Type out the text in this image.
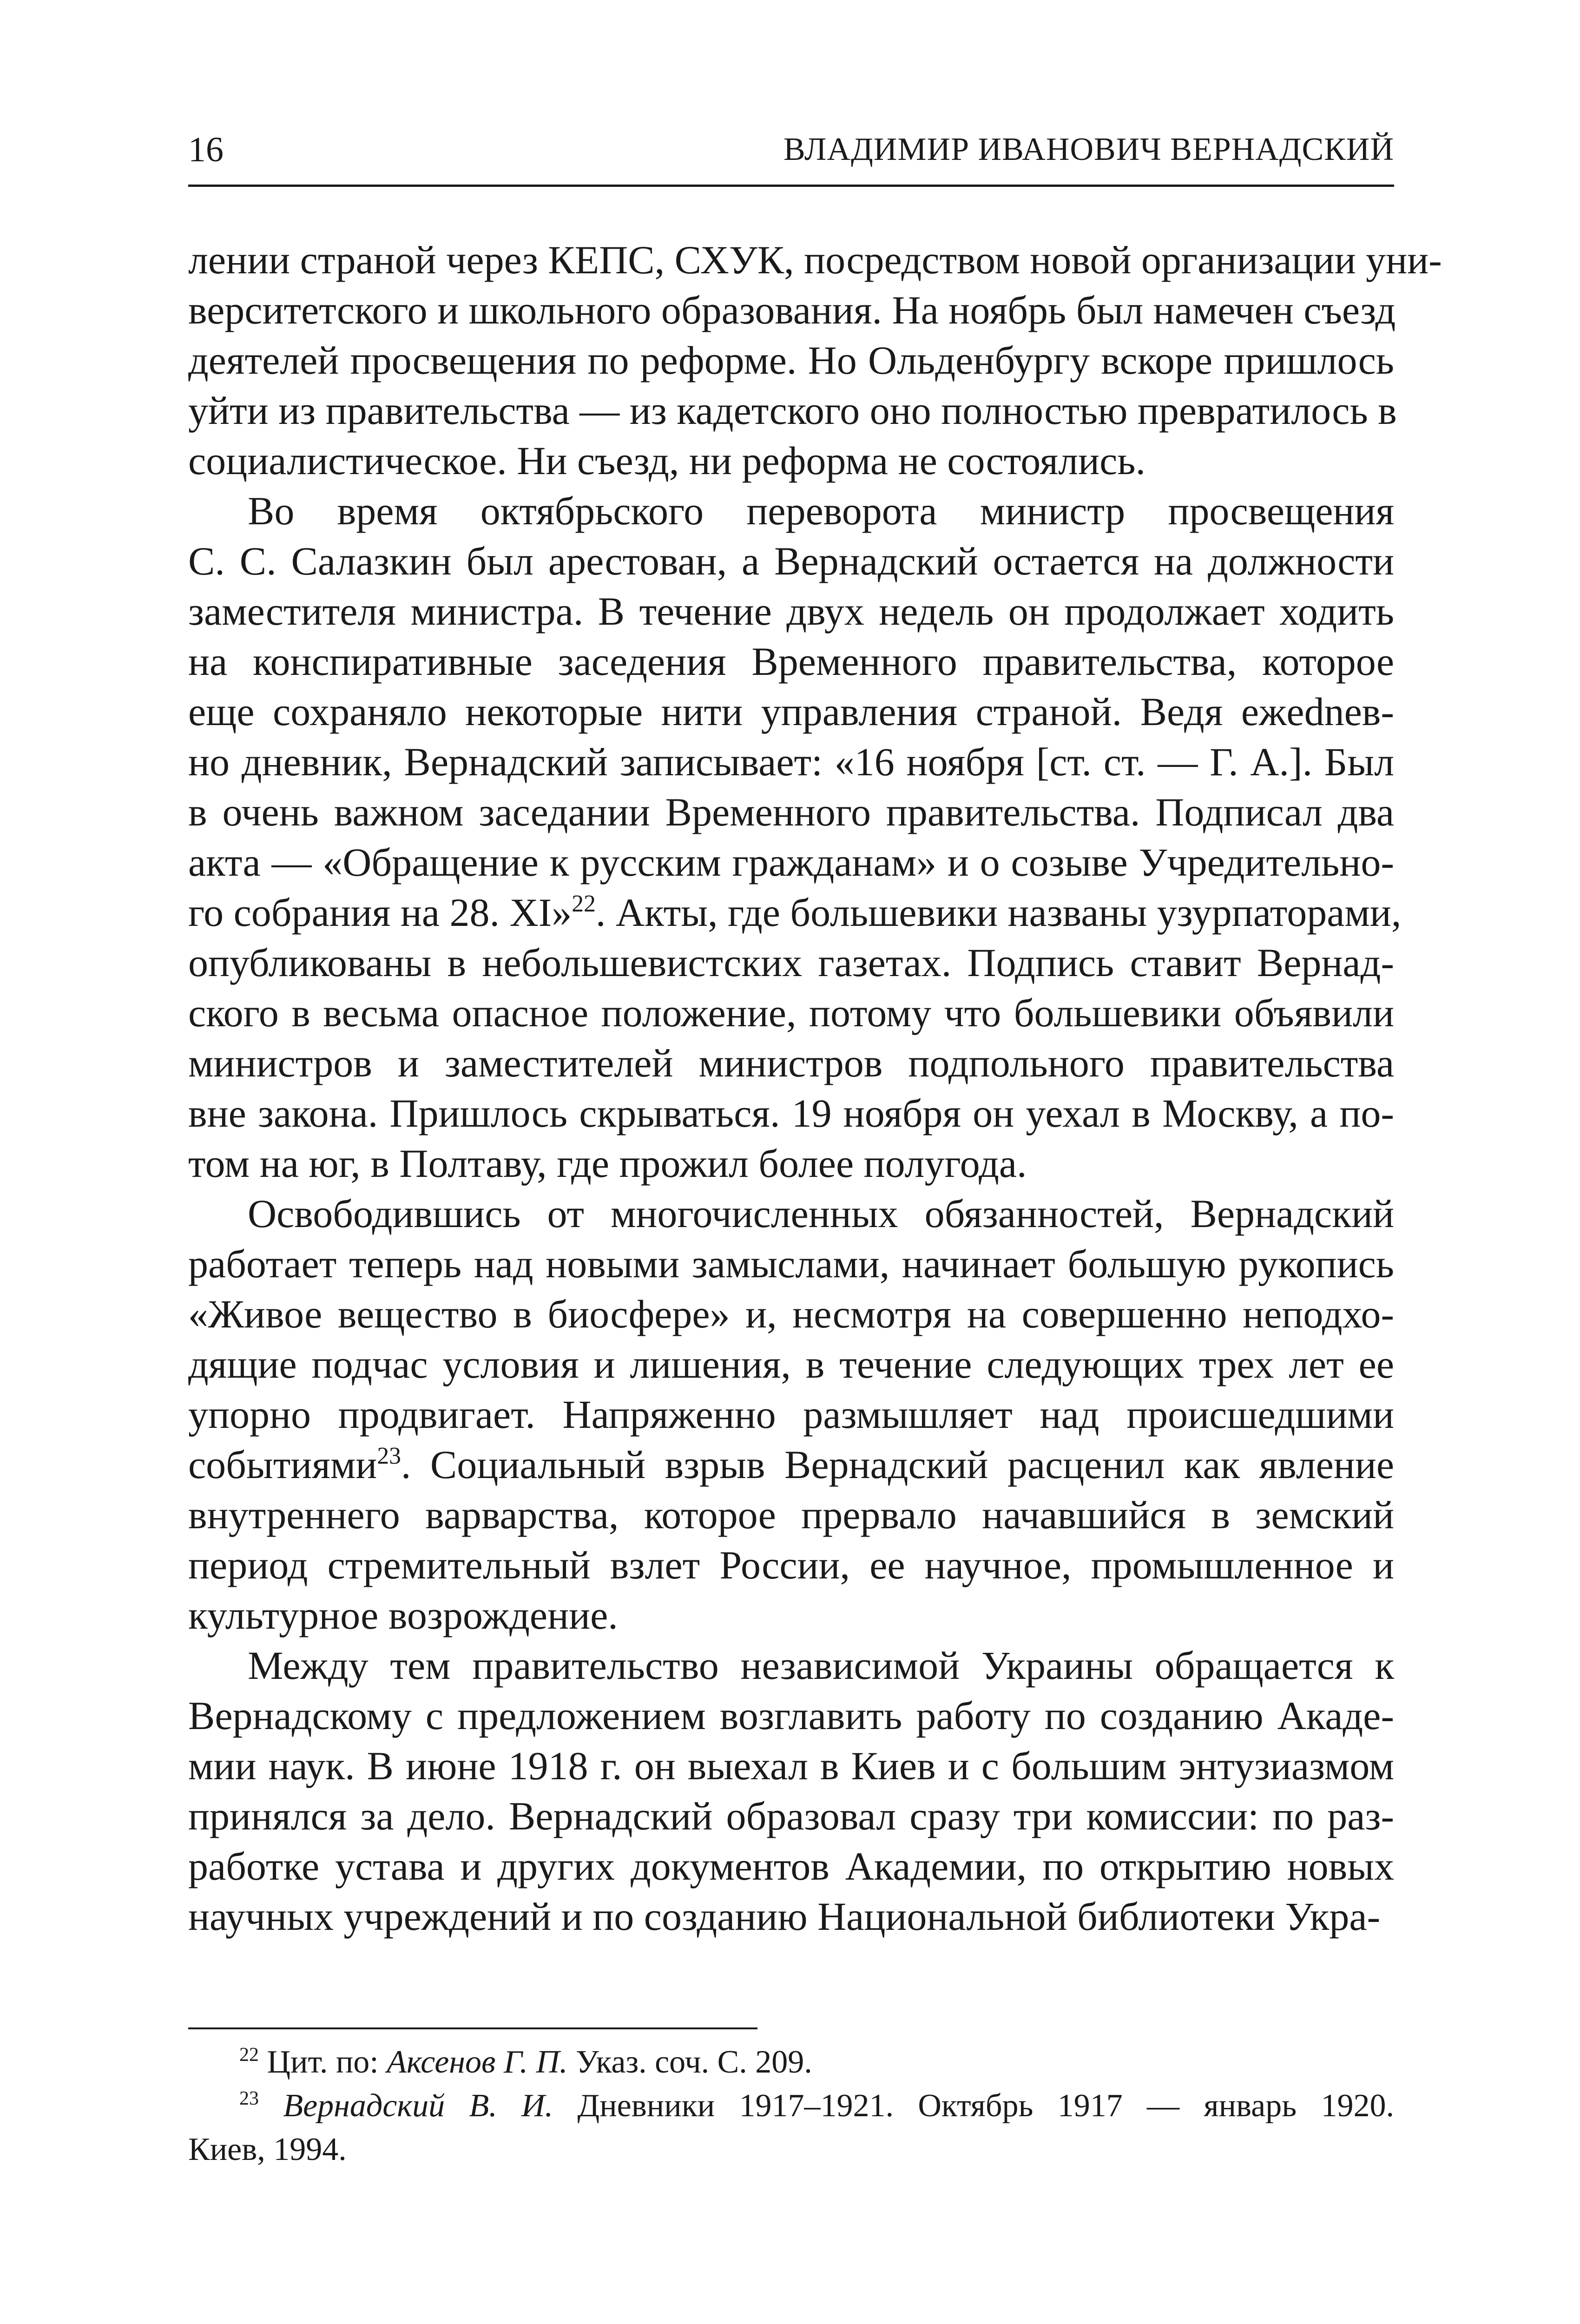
16	ВЛАДИМИР ИВАНОВИЧ ВЕРНАДСКИЙ
лении страной через КЕПС, СХУК, посредством новой организации уни-
верситетского и школьного образования. На ноябрь был намечен съезд
деятелей просвещения по реформе. Но Ольденбургу вскоре пришлось
уйти из правительства — из кадетского оно полностью превратилось в
социалистическое. Ни съезд, ни реформа не состоялись.
Во время октябрьского переворота министр просвещения
С. С. Салазкин был арестован, а Вернадский остается на должности
заместителя министра. В течение двух недель он продолжает ходить
на конспиративные заседения Временного правительства, которое
еще сохраняло некоторые нити управления страной. Ведя ежednев-
но дневник, Вернадский записывает: «16 ноября [ст. ст. — Г. А.]. Был
в очень важном заседании Временного правительства. Подписал два
акта — «Обращение к русским гражданам» и о созыве Учредительно-
го собрания на 28. XI»$^{22}$. Акты, где большевики названы узурпаторами,
опубликованы в небольшевистских газетах. Подпись ставит Вернад-
ского в весьма опасное положение, потому что большевики объявили
министров и заместителей министров подпольного правительства
вне закона. Пришлось скрываться. 19 ноября он уехал в Москву, а по-
том на юг, в Полтаву, где прожил более полугода.
Освободившись от многочисленных обязанностей, Вернадский
работает теперь над новыми замыслами, начинает большую рукопись
«Живое вещество в биосфере» и, несмотря на совершенно неподхо-
дящие подчас условия и лишения, в течение следующих трех лет ее
упорно продвигает. Напряженно размышляет над происшедшими
событиями$^{23}$. Социальный взрыв Вернадский расценил как явление
внутреннего варварства, которое прервало начавшийся в земский
период стремительный взлет России, ее научное, промышленное и
культурное возрождение.
Между тем правительство независимой Украины обращается к
Вернадскому с предложением возглавить работу по созданию Акаде-
мии наук. В июне 1918 г. он выехал в Киев и с большим энтузиазмом
принялся за дело. Вернадский образовал сразу три комиссии: по раз-
работке устава и других документов Академии, по открытию новых
научных учреждений и по созданию Национальной библиотеки Укра-
$^{22}$ Цит. по: Аксенов Г. П. Указ. соч. С. 209.
$^{23}$ Вернадский В. И. Дневники 1917–1921. Октябрь 1917 — январь 1920.
Киев, 1994.
